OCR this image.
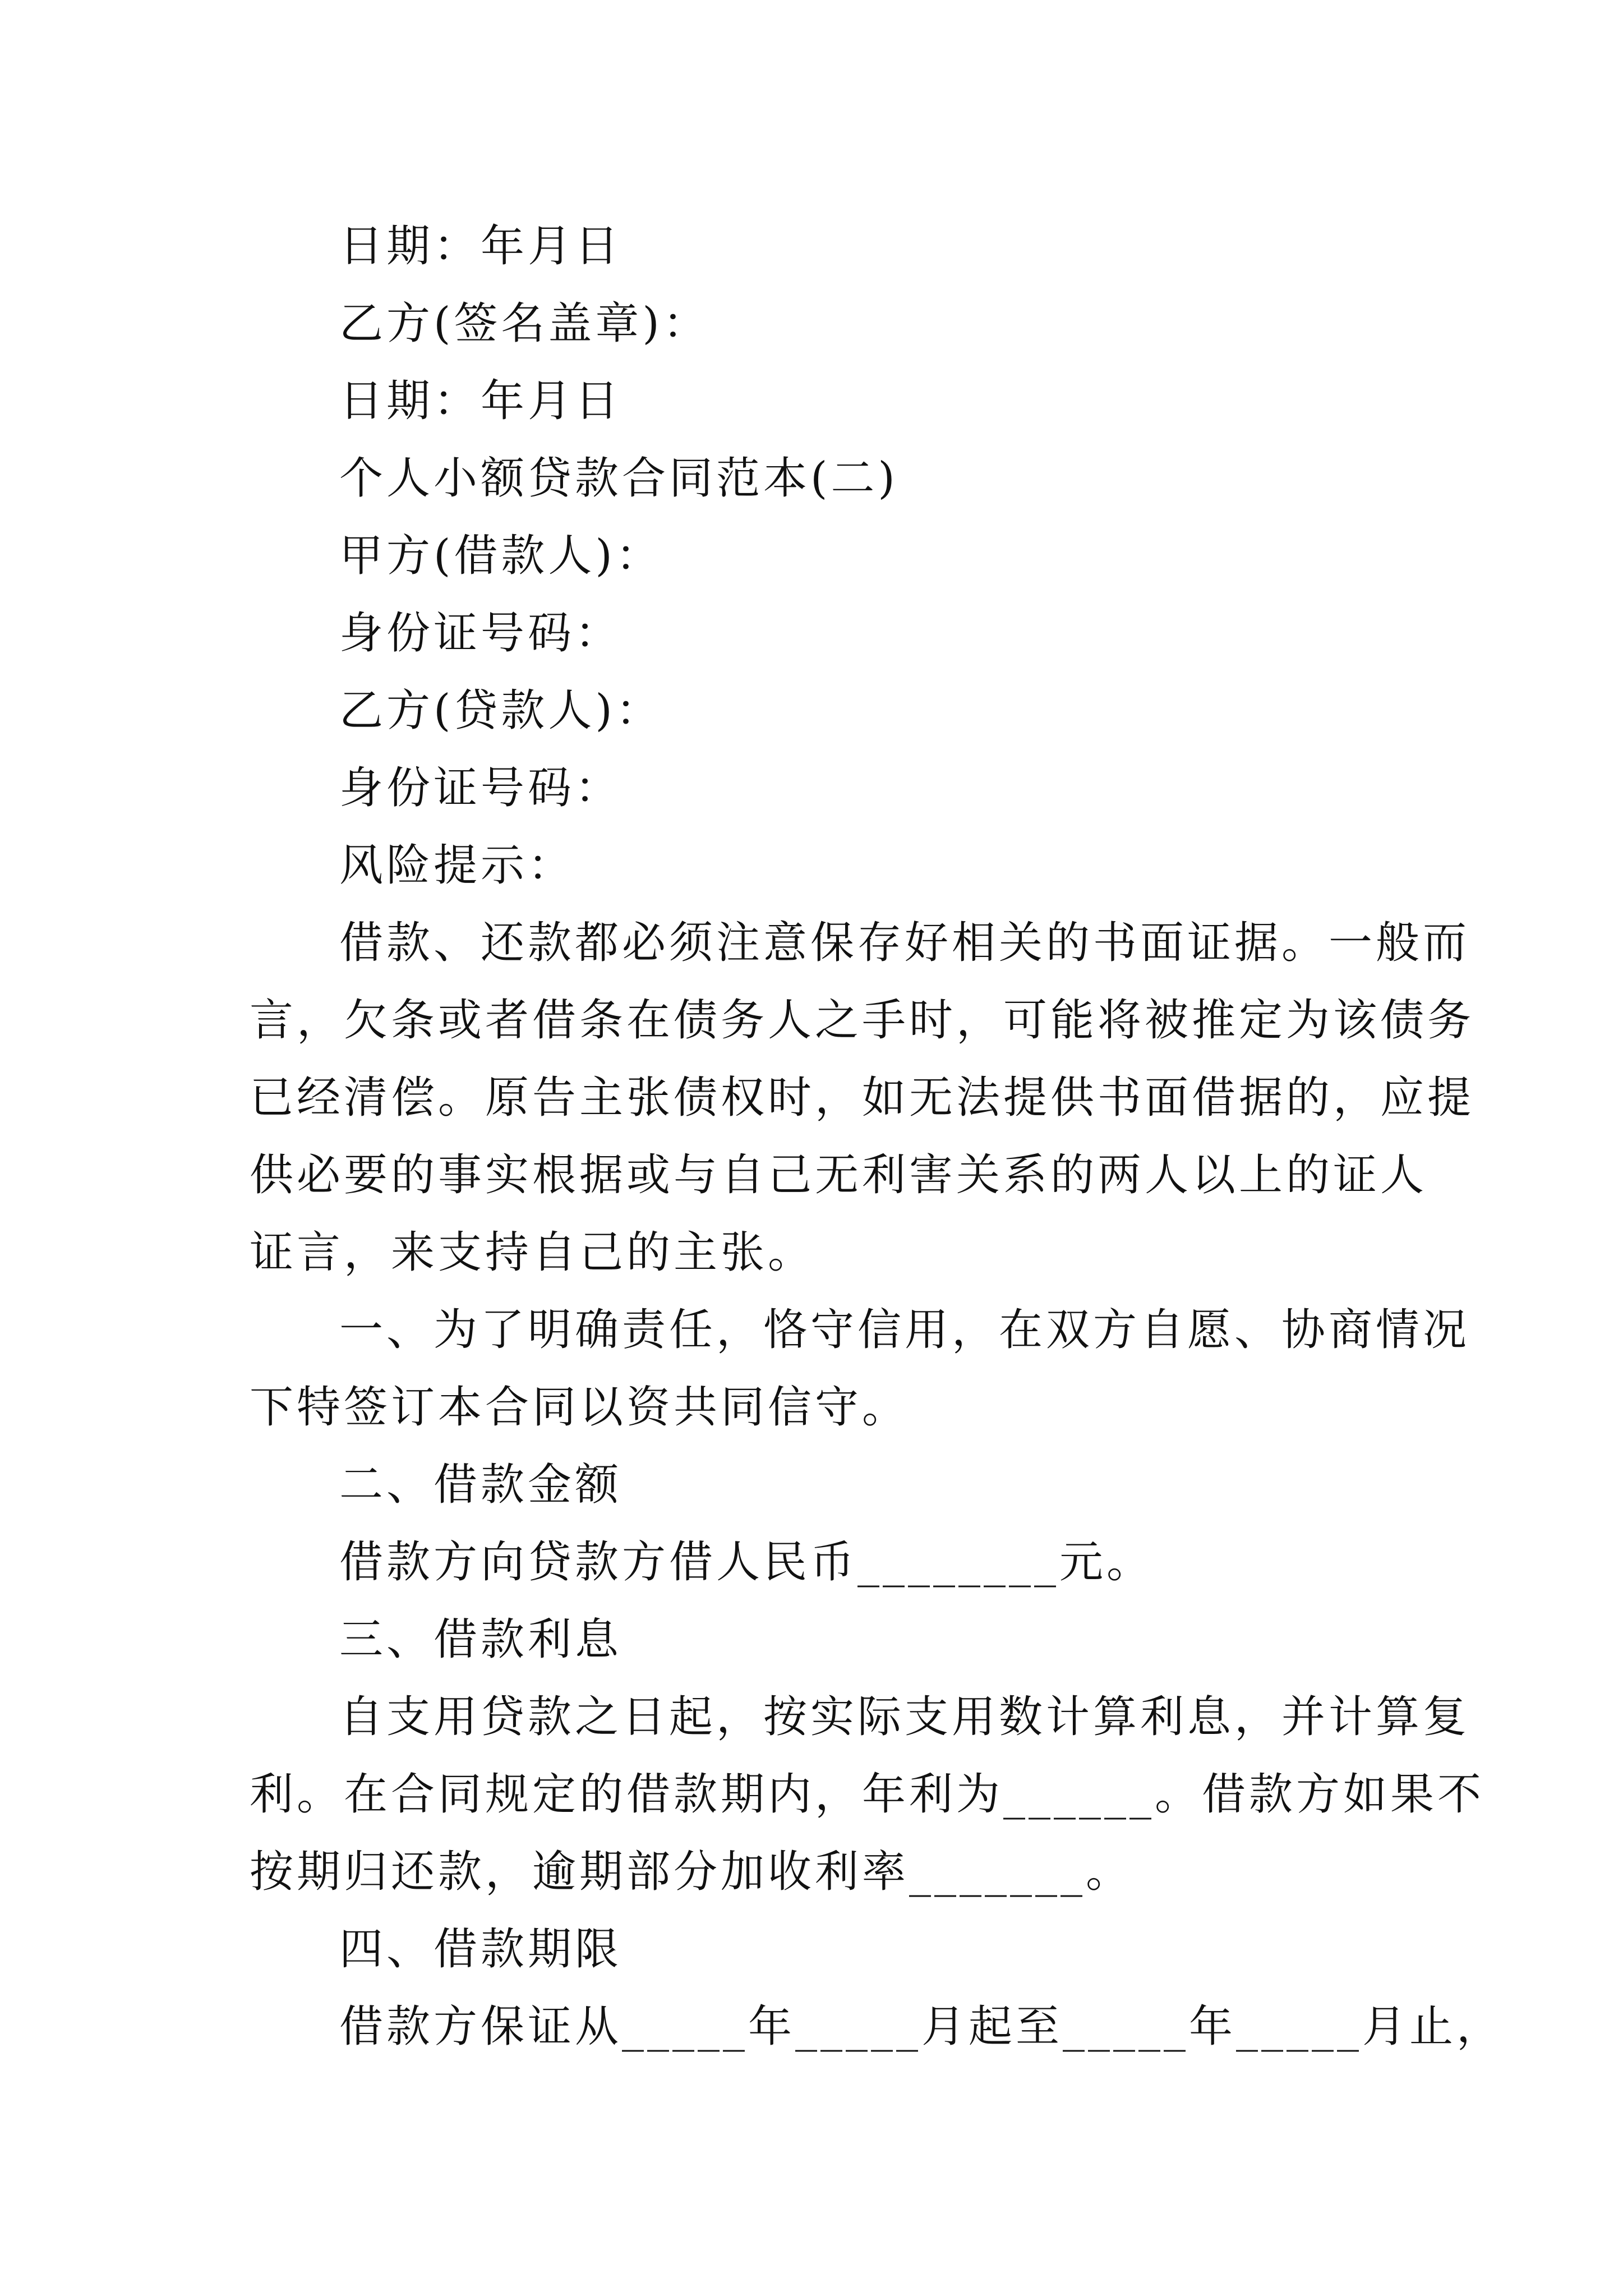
日期：年月日

乙方(签名盖章)：

日期：年月日

个人小额贷款合同范本(二)

甲方(借款人)：

身份证号码：

乙方(贷款人)：

身份证号码：

风险提示：

借款、还款都必须注意保存好相关的书面证据。一般而
言，欠条或者借条在债务人之手时，可能将被推定为该债务
已经清偿。原告主张债权时，如无法提供书面借据的，应提
供必要的事实根据或与自己无利害关系的两人以上的证人
证言，来支持自己的主张。
一、为了明确责任，恪守信用，在双方自愿、协商情况
下特签订本合同以资共同信守。

二、借款金额

借款方向贷款方借人民币________元。

三、借款利息

自支用贷款之日起，按实际支用数计算利息，并计算复
利。在合同规定的借款期内，年利为______。借款方如果不
按期归还款，逾期部分加收利率_______。

四、借款期限

借款方保证从_____年_____月起至_____年_____月止，
